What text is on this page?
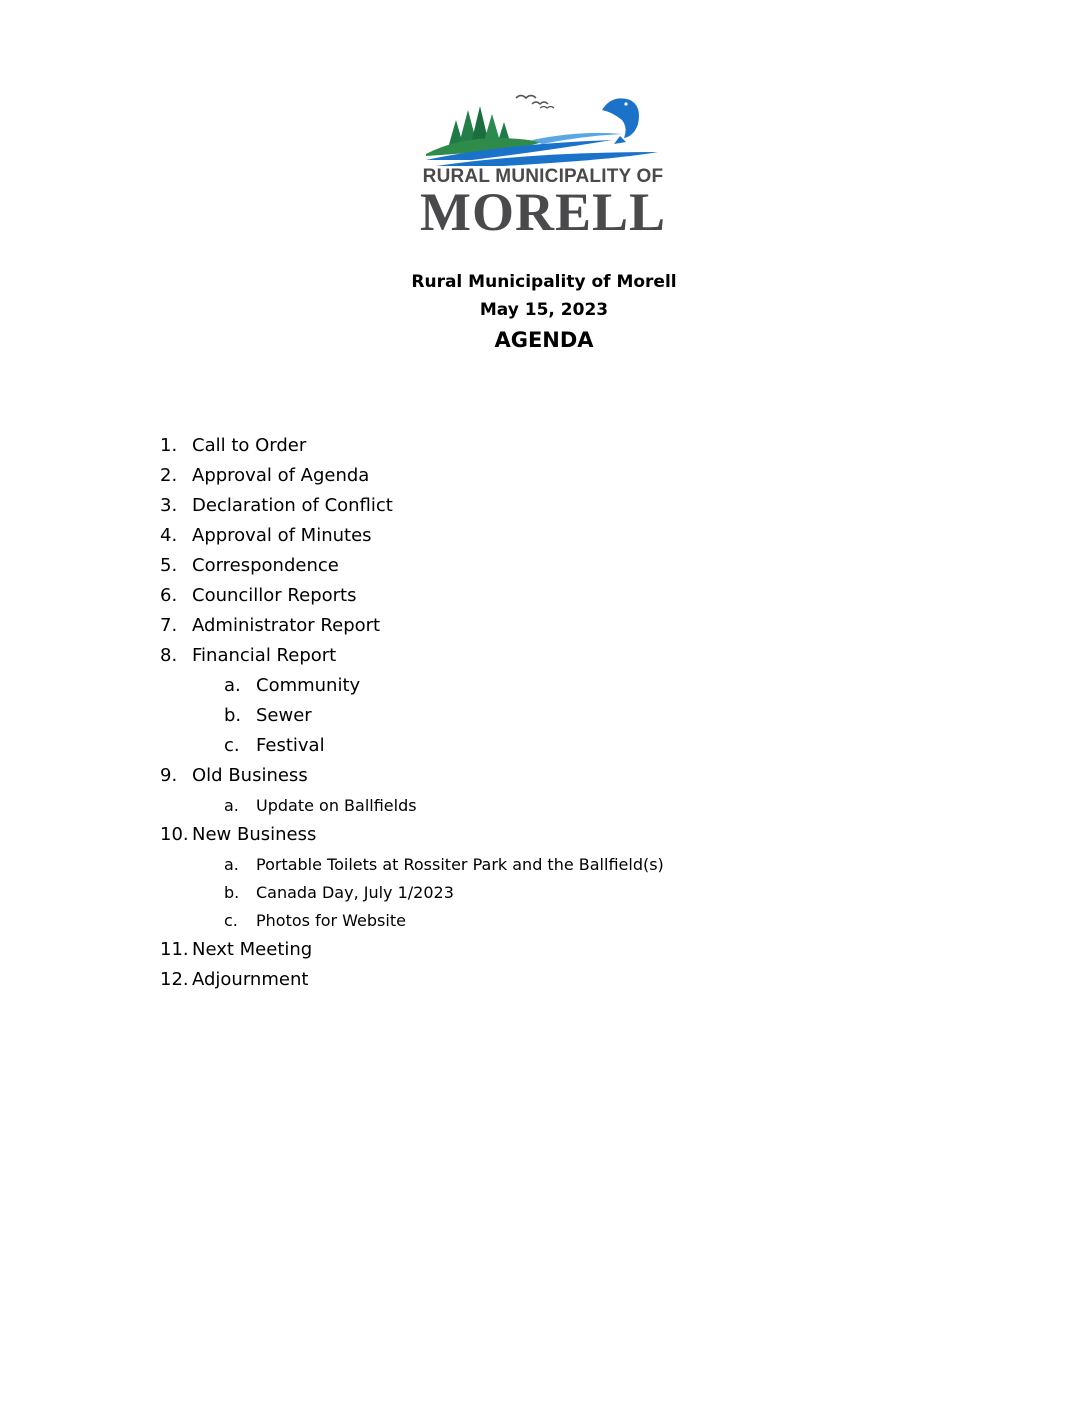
RURAL MUNICIPALITY OF
MORELL
Rural Municipality of Morell
May 15, 2023
AGENDA
1. Call to Order
2. Approval of Agenda
3. Declaration of Conflict
4. Approval of Minutes
5. Correspondence
6. Councillor Reports
7. Administrator Report
8. Financial Report
a. Community
b. Sewer
c. Festival
9. Old Business
a. Update on Ballfields
10. New Business
a. Portable Toilets at Rossiter Park and the Ballfield(s)
b. Canada Day, July 1/2023
c. Photos for Website
11. Next Meeting
12. Adjournment
